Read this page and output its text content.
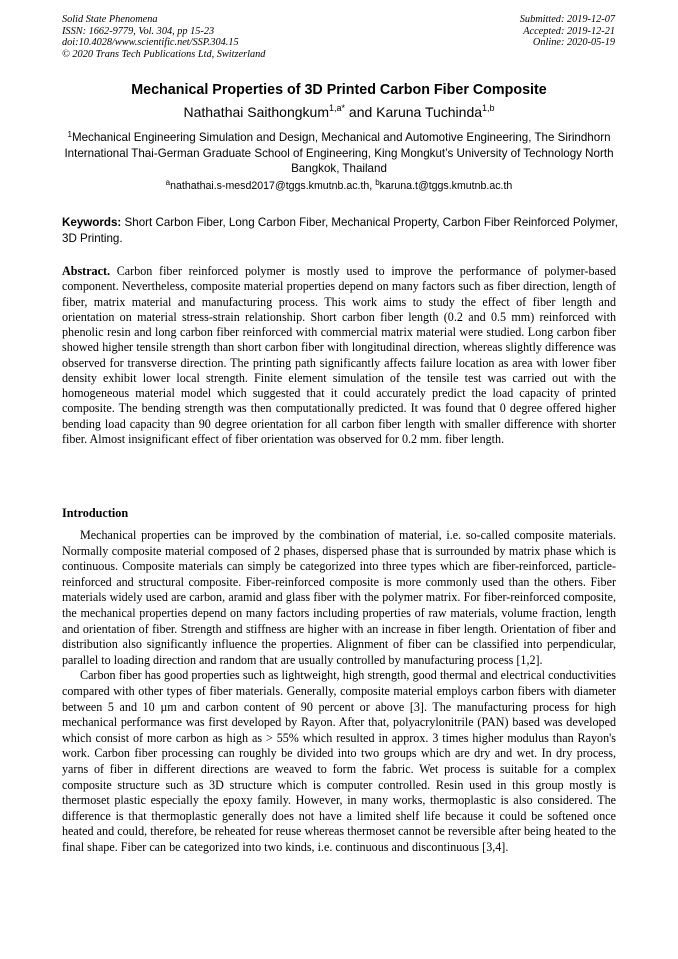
Solid State Phenomena
ISSN: 1662-9779, Vol. 304, pp 15-23
doi:10.4028/www.scientific.net/SSP.304.15
© 2020 Trans Tech Publications Ltd, Switzerland
Submitted: 2019-12-07
Accepted: 2019-12-21
Online: 2020-05-19
Mechanical Properties of 3D Printed Carbon Fiber Composite
Nathathai Saithongkum$^{1,a*}$ and Karuna Tuchinda$^{1,b}$
$^1$Mechanical Engineering Simulation and Design, Mechanical and Automotive Engineering, The Sirindhorn International Thai-German Graduate School of Engineering, King Mongkut’s University of Technology North Bangkok, Thailand
$^a$nathathai.s-mesd2017@tggs.kmutnb.ac.th, $^b$karuna.t@tggs.kmutnb.ac.th
Keywords: Short Carbon Fiber, Long Carbon Fiber, Mechanical Property, Carbon Fiber Reinforced Polymer, 3D Printing.

Abstract. Carbon fiber reinforced polymer is mostly used to improve the performance of polymer-based component. Nevertheless, composite material properties depend on many factors such as fiber direction, length of fiber, matrix material and manufacturing process. This work aims to study the effect of fiber length and orientation on material stress-strain relationship. Short carbon fiber length (0.2 and 0.5 mm) reinforced with phenolic resin and long carbon fiber reinforced with commercial matrix material were studied. Long carbon fiber showed higher tensile strength than short carbon fiber with longitudinal direction, whereas slightly difference was observed for transverse direction. The printing path significantly affects failure location as area with lower fiber density exhibit lower local strength. Finite element simulation of the tensile test was carried out with the homogeneous material model which suggested that it could accurately predict the load capacity of printed composite. The bending strength was then computationally predicted. It was found that 0 degree offered higher bending load capacity than 90 degree orientation for all carbon fiber length with smaller difference with shorter fiber. Almost insignificant effect of fiber orientation was observed for 0.2 mm. fiber length.

Introduction

Mechanical properties can be improved by the combination of material, i.e. so-called composite materials. Normally composite material composed of 2 phases, dispersed phase that is surrounded by matrix phase which is continuous. Composite materials can simply be categorized into three types which are fiber-reinforced, particle-reinforced and structural composite. Fiber-reinforced composite is more commonly used than the others. Fiber materials widely used are carbon, aramid and glass fiber with the polymer matrix. For fiber-reinforced composite, the mechanical properties depend on many factors including properties of raw materials, volume fraction, length and orientation of fiber. Strength and stiffness are higher with an increase in fiber length. Orientation of fiber and distribution also significantly influence the properties. Alignment of fiber can be classified into perpendicular, parallel to loading direction and random that are usually controlled by manufacturing process [1,2].

Carbon fiber has good properties such as lightweight, high strength, good thermal and electrical conductivities compared with other types of fiber materials. Generally, composite material employs carbon fibers with diameter between 5 and 10 µm and carbon content of 90 percent or above [3]. The manufacturing process for high mechanical performance was first developed by Rayon. After that, polyacrylonitrile (PAN) based was developed which consist of more carbon as high as > 55% which resulted in approx. 3 times higher modulus than Rayon's work. Carbon fiber processing can roughly be divided into two groups which are dry and wet. In dry process, yarns of fiber in different directions are weaved to form the fabric. Wet process is suitable for a complex composite structure such as 3D structure which is computer controlled. Resin used in this group mostly is thermoset plastic especially the epoxy family. However, in many works, thermoplastic is also considered. The difference is that thermoplastic generally does not have a limited shelf life because it could be softened once heated and could, therefore, be reheated for reuse whereas thermoset cannot be reversible after being heated to the final shape. Fiber can be categorized into two kinds, i.e. continuous and discontinuous [3,4].
